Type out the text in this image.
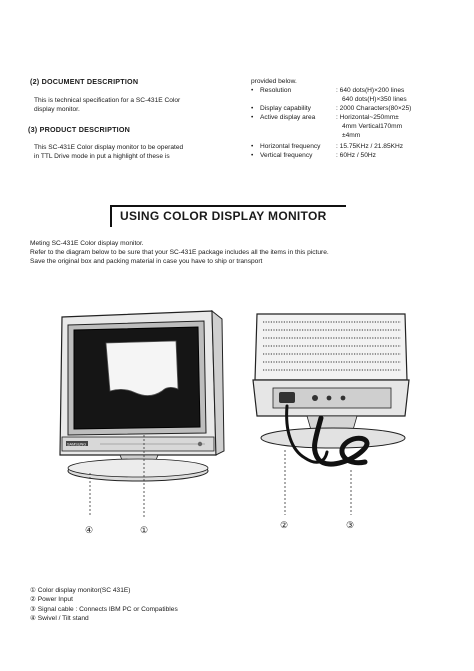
(2) DOCUMENT DESCRIPTION
This is technical specification for a SC-431E Color
display monitor.
(3) PRODUCT DESCRIPTION
This SC-431E Color display monitor to be operated
in TTL Drive mode in put a highlight of these is
provided below.
• Resolution	: 640 dots(H)×200 lines
640 dots(H)×350 lines
• Display capability	: 2000 Characters(80×25)
• Active display area	: Horizontal~250mm±
4mm Vertical170mm
±4mm
• Horizontal frequency : 15.75KHz / 21.85KHz
• Vertical frequency	: 60Hz / 50Hz
USING COLOR DISPLAY MONITOR
Meting SC-431E Color display monitor.
Refer to the diagram below to be sure that your SC-431E package includes all the items in this picture.
Save the original box and packing material in case you have to ship or transport
SAMSUNG
④	①	②	③
① Color display monitor(SC 431E)
② Power Input
③ Signal cable : Connects IBM PC or Compatibles
④ Swivel / Tilt stand
